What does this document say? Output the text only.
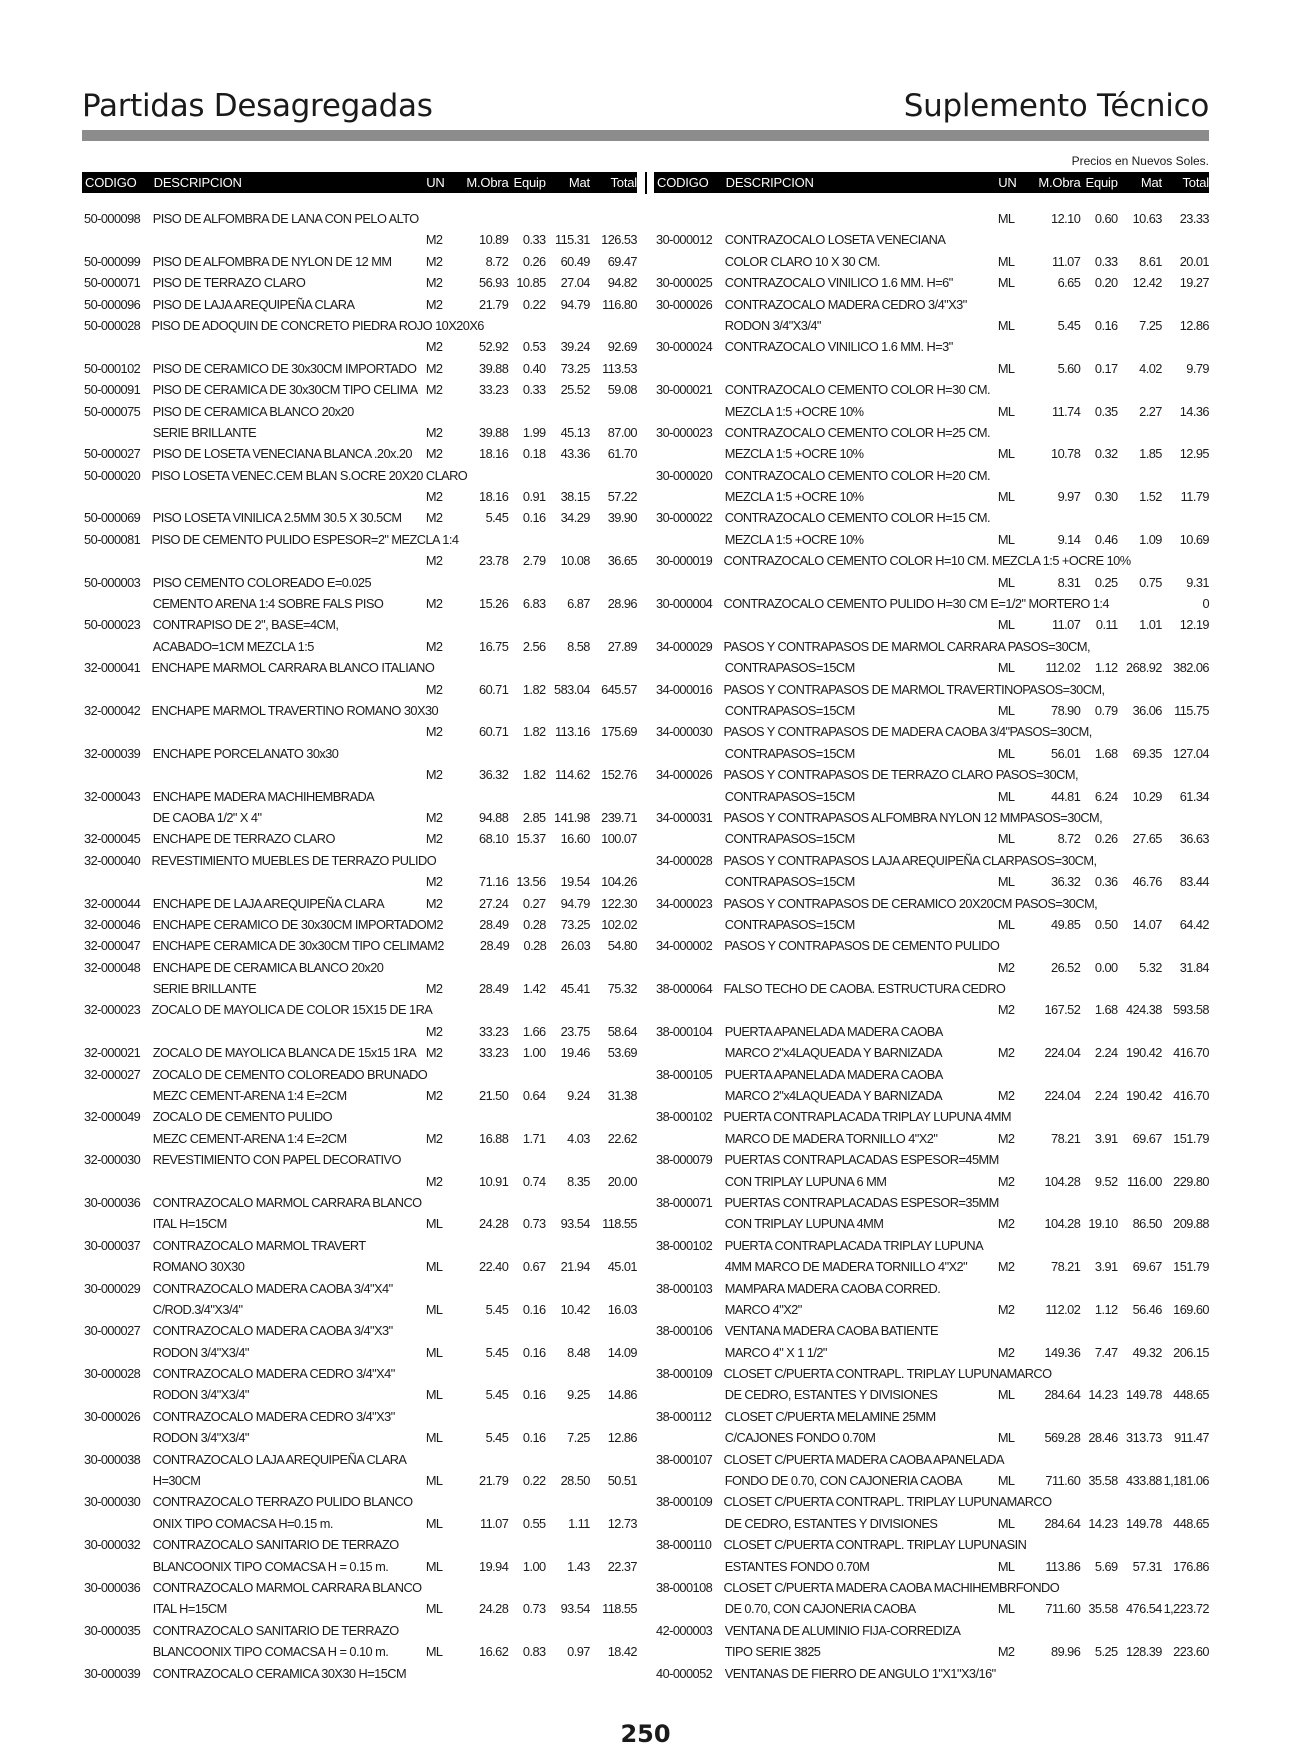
Partidas Desagregadas	Suplemento Técnico
Precios en Nuevos Soles.
CODIGO	DESCRIPCION	UN	M.Obra Equip	Mat	Total
50-000098 PISO DE ALFOMBRA DE LANA CON PELO ALTO
M2	10.89	0.33 115.31 126.53
50-000099 PISO DE ALFOMBRA DE NYLON DE 12 MM	M2	8.72	0.26	60.49	69.47
50-000071 PISO DE TERRAZO CLARO	M2	56.93 10.85	27.04	94.82
50-000096 PISO DE LAJA AREQUIPEÑA CLARA	M2	21.79	0.22	94.79 116.80
50-000028 PISO DE ADOQUIN DE CONCRETO PIEDRA ROJO 10X20X6
M2	52.92	0.53	39.24	92.69
50-000102 PISO DE CERAMICO DE 30x30CM IMPORTADO M2	39.88	0.40	73.25 113.53
50-000091 PISO DE CERAMICA DE 30x30CM TIPO CELIMA M2	33.23	0.33	25.52	59.08
50-000075 PISO DE CERAMICA BLANCO 20x20
SERIE BRILLANTE	M2	39.88	1.99	45.13	87.00
50-000027 PISO DE LOSETA VENECIANA BLANCA .20x.20	M2	18.16	0.18	43.36	61.70
50-000020 PISO LOSETA VENEC.CEM BLAN S.OCRE 20X20 CLARO
M2	18.16	0.91	38.15	57.22
50-000069 PISO LOSETA VINILICA 2.5MM 30.5 X 30.5CM	M2	5.45	0.16	34.29	39.90
50-000081 PISO DE CEMENTO PULIDO ESPESOR=2" MEZCLA 1:4
M2	23.78	2.79	10.08	36.65
50-000003 PISO CEMENTO COLOREADO E=0.025
CEMENTO ARENA 1:4 SOBRE FALS PISO	M2	15.26	6.83	6.87	28.96
50-000023 CONTRAPISO DE 2", BASE=4CM,
ACABADO=1CM MEZCLA 1:5	M2	16.75	2.56	8.58	27.89
32-000041 ENCHAPE MARMOL CARRARA BLANCO ITALIANO
M2	60.71	1.82 583.04 645.57
32-000042 ENCHAPE MARMOL TRAVERTINO ROMANO 30X30
M2	60.71	1.82 113.16 175.69
32-000039 ENCHAPE PORCELANATO 30x30
M2	36.32	1.82 114.62 152.76
32-000043 ENCHAPE MADERA MACHIHEMBRADA
DE CAOBA 1/2" X 4"	M2	94.88	2.85 141.98 239.71
32-000045 ENCHAPE DE TERRAZO CLARO	M2	68.10 15.37	16.60 100.07
32-000040 REVESTIMIENTO MUEBLES DE TERRAZO PULIDO
M2	71.16 13.56	19.54 104.26
32-000044 ENCHAPE DE LAJA AREQUIPEÑA CLARA	M2	27.24	0.27	94.79 122.30
32-000046 ENCHAPE CERAMICO DE 30x30CM IMPORTADO M2	28.49	0.28	73.25 102.02
32-000047 ENCHAPE CERAMICA DE 30x30CM TIPO CELIMA M2	28.49	0.28	26.03	54.80
32-000048 ENCHAPE DE CERAMICA BLANCO 20x20
SERIE BRILLANTE	M2	28.49	1.42	45.41	75.32
32-000023 ZOCALO DE MAYOLICA DE COLOR 15X15 DE 1RA
M2	33.23	1.66	23.75	58.64
32-000021 ZOCALO DE MAYOLICA BLANCA DE 15x15 1RA M2	33.23	1.00	19.46	53.69
32-000027 ZOCALO DE CEMENTO COLOREADO BRUNADO
MEZC CEMENT-ARENA 1:4 E=2CM	M2	21.50	0.64	9.24	31.38
32-000049 ZOCALO DE CEMENTO PULIDO
MEZC CEMENT-ARENA 1:4 E=2CM	M2	16.88	1.71	4.03	22.62
32-000030 REVESTIMIENTO CON PAPEL DECORATIVO
M2	10.91	0.74	8.35	20.00
30-000036 CONTRAZOCALO MARMOL CARRARA BLANCO
ITAL H=15CM	ML	24.28	0.73	93.54 118.55
30-000037 CONTRAZOCALO MARMOL TRAVERT
ROMANO 30X30	ML	22.40	0.67	21.94	45.01
30-000029 CONTRAZOCALO MADERA CAOBA 3/4"X4"
C/ROD.3/4"X3/4"	ML	5.45	0.16	10.42	16.03
30-000027 CONTRAZOCALO MADERA CAOBA 3/4"X3"
RODON 3/4"X3/4"	ML	5.45	0.16	8.48	14.09
30-000028 CONTRAZOCALO MADERA CEDRO 3/4"X4"
RODON 3/4"X3/4"	ML	5.45	0.16	9.25	14.86
30-000026 CONTRAZOCALO MADERA CEDRO 3/4"X3"
RODON 3/4"X3/4"	ML	5.45	0.16	7.25	12.86
30-000038 CONTRAZOCALO LAJA AREQUIPEÑA CLARA
H=30CM	ML	21.79	0.22	28.50	50.51
30-000030 CONTRAZOCALO TERRAZO PULIDO BLANCO
ONIX TIPO COMACSA H=0.15 m.	ML	11.07	0.55	1.11	12.73
30-000032 CONTRAZOCALO SANITARIO DE TERRAZO
BLANCOONIX TIPO COMACSA H = 0.15 m.	ML	19.94	1.00	1.43	22.37
30-000036 CONTRAZOCALO MARMOL CARRARA BLANCO
ITAL H=15CM	ML	24.28	0.73	93.54 118.55
30-000035 CONTRAZOCALO SANITARIO DE TERRAZO
BLANCOONIX TIPO COMACSA H = 0.10 m.	ML	16.62	0.83	0.97	18.42
30-000039 CONTRAZOCALO CERAMICA 30X30 H=15CM
CODIGO	DESCRIPCION	UN	M.Obra Equip	Mat	Total
ML	12.10	0.60	10.63	23.33
30-000012 CONTRAZOCALO LOSETA VENECIANA
COLOR CLARO 10 X 30 CM.	ML	11.07	0.33	8.61	20.01
30-000025 CONTRAZOCALO VINILICO 1.6 MM. H=6"	ML	6.65	0.20	12.42	19.27
30-000026 CONTRAZOCALO MADERA CEDRO 3/4"X3"
RODON 3/4"X3/4"	ML	5.45	0.16	7.25	12.86
30-000024 CONTRAZOCALO VINILICO 1.6 MM. H=3"
ML	5.60	0.17	4.02	9.79
30-000021 CONTRAZOCALO CEMENTO COLOR H=30 CM.
MEZCLA 1:5 +OCRE 10%	ML	11.74	0.35	2.27	14.36
30-000023 CONTRAZOCALO CEMENTO COLOR H=25 CM.
MEZCLA 1:5 +OCRE 10%	ML	10.78	0.32	1.85	12.95
30-000020 CONTRAZOCALO CEMENTO COLOR H=20 CM.
MEZCLA 1:5 +OCRE 10%	ML	9.97	0.30	1.52	11.79
30-000022 CONTRAZOCALO CEMENTO COLOR H=15 CM.
MEZCLA 1:5 +OCRE 10%	ML	9.14	0.46	1.09	10.69
30-000019 CONTRAZOCALO CEMENTO COLOR H=10 CM. MEZCLA 1:5 +OCRE 10%
ML	8.31	0.25	0.75	9.31
30-000004 CONTRAZOCALO CEMENTO PULIDO H=30 CM E=1/2" MORTERO 1:4	0
ML	11.07	0.11	1.01	12.19
34-000029 PASOS Y CONTRAPASOS DE MARMOL CARRARA PASOS=30CM,
CONTRAPASOS=15CM	ML	112.02	1.12 268.92 382.06
34-000016 PASOS Y CONTRAPASOS DE MARMOL TRAVERTINOPASOS=30CM,
CONTRAPASOS=15CM	ML	78.90	0.79	36.06 115.75
34-000030 PASOS Y CONTRAPASOS DE MADERA CAOBA 3/4"PASOS=30CM,
CONTRAPASOS=15CM	ML	56.01	1.68	69.35 127.04
34-000026 PASOS Y CONTRAPASOS DE TERRAZO CLARO PASOS=30CM,
CONTRAPASOS=15CM	ML	44.81	6.24	10.29	61.34
34-000031 PASOS Y CONTRAPASOS ALFOMBRA NYLON 12 MMPASOS=30CM,
CONTRAPASOS=15CM	ML	8.72	0.26	27.65	36.63
34-000028 PASOS Y CONTRAPASOS LAJA AREQUIPEÑA CLARPASOS=30CM,
CONTRAPASOS=15CM	ML	36.32	0.36	46.76	83.44
34-000023 PASOS Y CONTRAPASOS DE CERAMICO 20X20CM PASOS=30CM,
CONTRAPASOS=15CM	ML	49.85	0.50	14.07	64.42
34-000002 PASOS Y CONTRAPASOS DE CEMENTO PULIDO
M2	26.52	0.00	5.32	31.84
38-000064 FALSO TECHO DE CAOBA. ESTRUCTURA CEDRO
M2	167.52	1.68 424.38 593.58
38-000104 PUERTA APANELADA MADERA CAOBA
MARCO 2"x4LAQUEADA Y BARNIZADA	M2	224.04	2.24 190.42 416.70
38-000105 PUERTA APANELADA MADERA CAOBA
MARCO 2"x4LAQUEADA Y BARNIZADA	M2	224.04	2.24 190.42 416.70
38-000102 PUERTA CONTRAPLACADA TRIPLAY LUPUNA 4MM
MARCO DE MADERA TORNILLO 4"X2"	M2	78.21	3.91	69.67 151.79
38-000079 PUERTAS CONTRAPLACADAS ESPESOR=45MM
CON TRIPLAY LUPUNA 6 MM	M2	104.28	9.52 116.00 229.80
38-000071 PUERTAS CONTRAPLACADAS ESPESOR=35MM
CON TRIPLAY LUPUNA 4MM	M2	104.28 19.10	86.50 209.88
38-000102 PUERTA CONTRAPLACADA TRIPLAY LUPUNA
4MM MARCO DE MADERA TORNILLO 4"X2"	M2	78.21	3.91	69.67 151.79
38-000103 MAMPARA MADERA CAOBA CORRED.
MARCO 4"X2"	M2	112.02	1.12	56.46 169.60
38-000106 VENTANA MADERA CAOBA BATIENTE
MARCO 4" X 1 1/2"	M2	149.36	7.47	49.32 206.15
38-000109 CLOSET C/PUERTA CONTRAPL. TRIPLAY LUPUNAMARCO
DE CEDRO, ESTANTES Y DIVISIONES	ML	284.64 14.23 149.78 448.65
38-000112	CLOSET C/PUERTA MELAMINE 25MM
C/CAJONES FONDO 0.70M	ML	569.28 28.46 313.73 911.47
38-000107 CLOSET C/PUERTA MADERA CAOBA APANELADA
FONDO DE 0.70, CON CAJONERIA CAOBA	ML	711.60 35.58 433.88 1,181.06
38-000109 CLOSET C/PUERTA CONTRAPL. TRIPLAY LUPUNAMARCO
DE CEDRO, ESTANTES Y DIVISIONES	ML	284.64 14.23 149.78 448.65
38-000110 CLOSET C/PUERTA CONTRAPL. TRIPLAY LUPUNASIN
ESTANTES FONDO 0.70M	ML	113.86	5.69	57.31 176.86
38-000108 CLOSET C/PUERTA MADERA CAOBA MACHIHEMBRFONDO
DE 0.70, CON CAJONERIA CAOBA	ML	711.60 35.58 476.54 1,223.72
42-000003 VENTANA DE ALUMINIO FIJA-CORREDIZA
TIPO SERIE 3825	M2	89.96	5.25 128.39 223.60
40-000052 VENTANAS DE FIERRO DE ANGULO 1"X1"X3/16"
250
